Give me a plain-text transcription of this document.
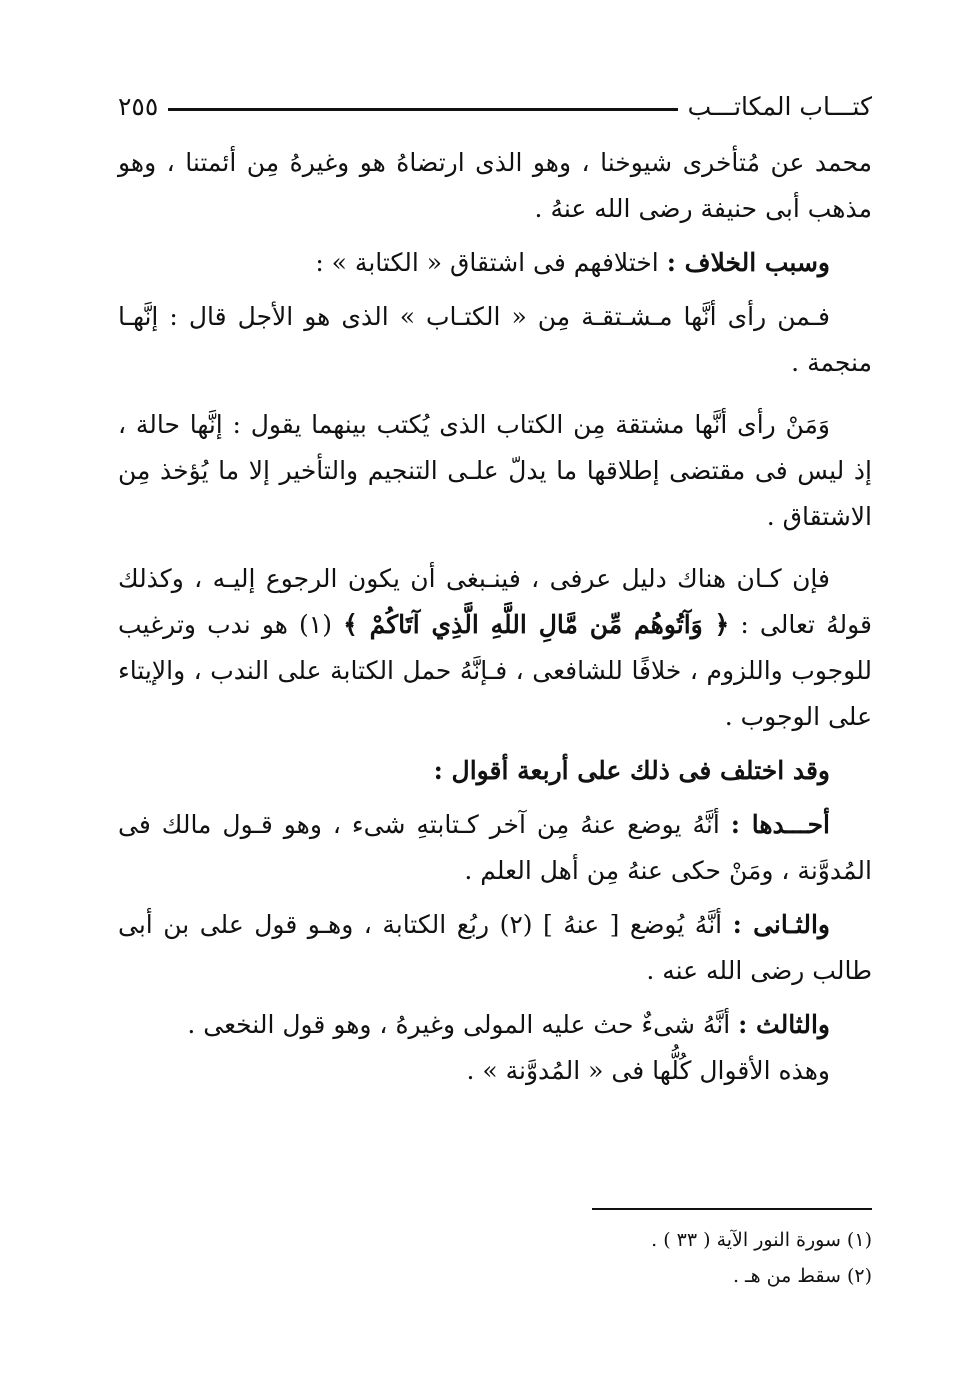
كتـــاب المكاتـــب
٢٥٥

محمد عن مُتأخرى شيوخنا ، وهو الذى ارتضاهُ هو وغيرهُ مِن أئمتنا ، وهو مذهب أبى حنيفة رضى الله عنهُ .

وسبب الخلاف : اختلافهم فى اشتقاق « الكتابة » :

فـمن رأى أنَّها مـشـتقـة مِن « الكتـاب » الذى هو الأجل قال : إنَّهـا منجمة .

وَمَنْ رأى أنَّها مشتقة مِن الكتاب الذى يُكتب بينهما يقول : إنَّها حالة ، إذ ليس فى مقتضى إطلاقها ما يدلّ علـى التنجيم والتأخير إلا ما يُؤخذ مِن الاشتقاق .

فإن كـان هناك دليل عرفى ، فينـبغى أن يكون الرجوع إليـه ، وكذلك قولهُ تعالى : ﴿ وَآتُوهُم مِّن مَّالِ اللَّهِ الَّذِي آتَاكُمْ ﴾ (١) هو ندب وترغيب للوجوب واللزوم ، خلافًا للشافعى ، فـإنَّهُ حمل الكتابة على الندب ، والإيتاء على الوجوب .

وقد اختلف فى ذلك على أربعة أقوال :

أحـــدها : أنَّهُ يوضع عنهُ مِن آخر كـتابتهِ شىء ، وهو قـول مالك فى المُدوَّنة ، ومَنْ حكى عنهُ مِن أهل العلم .

والثـانى : أنَّهُ يُوضع [ عنهُ ] (٢) ربُع الكتابة ، وهـو قول على بن أبى طالب رضى الله عنه .

والثالث : أنَّهُ شىءٌ حث عليه المولى وغيرهُ ، وهو قول النخعى .

وهذه الأقوال كُلُّها فى « المُدوَّنة » .

(١) سورة النور الآية ( ٣٣ ) .

(٢) سقط من هـ .
